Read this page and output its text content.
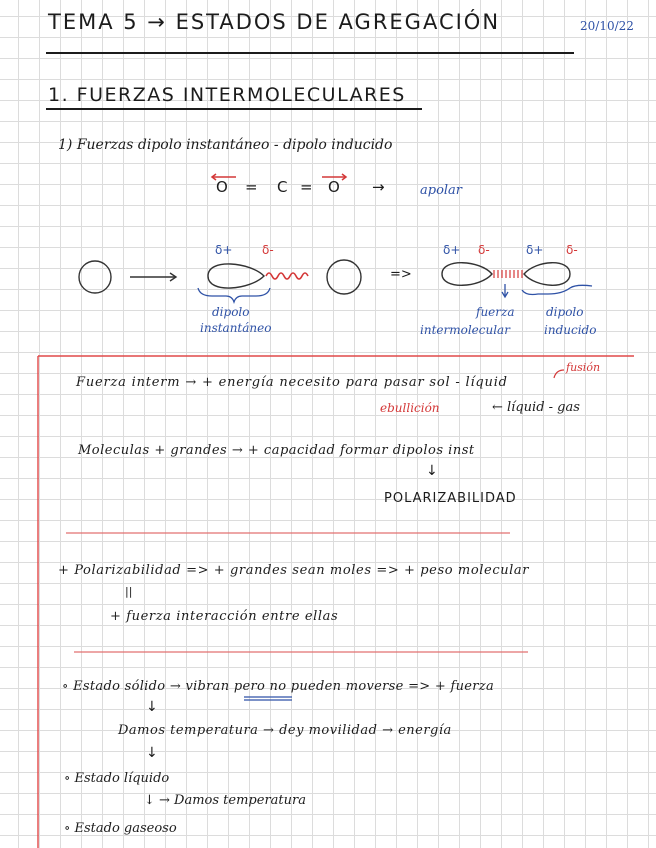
TEMA 5 → ESTADOS DE AGREGACIÓN	20/10/22
1. FUERZAS INTERMOLECULARES
1) Fuerzas dipolo instantáneo - dipolo inducido
O = C = O →	apolar
δ+ δ-
=>
δ+ δ-	δ+ δ-
dipolo
instantáneo
fuerza
intermolecular
dipolo
inducido
Fuerza interm → + energía necesito para pasar sol - líquid
fusión
ebullición	← líquid - gas
Moleculas + grandes → + capacidad formar dipolos inst
↓
POLARIZABILIDAD
+ Polarizabilidad => + grandes sean moles => + peso molecular
||
+ fuerza interacción entre ellas
∘ Estado sólido → vibran pero no pueden moverse => + fuerza
↓
Damos temperatura → dey movilidad → energía
↓
∘ Estado líquido
↓ → Damos temperatura
∘ Estado gaseoso
